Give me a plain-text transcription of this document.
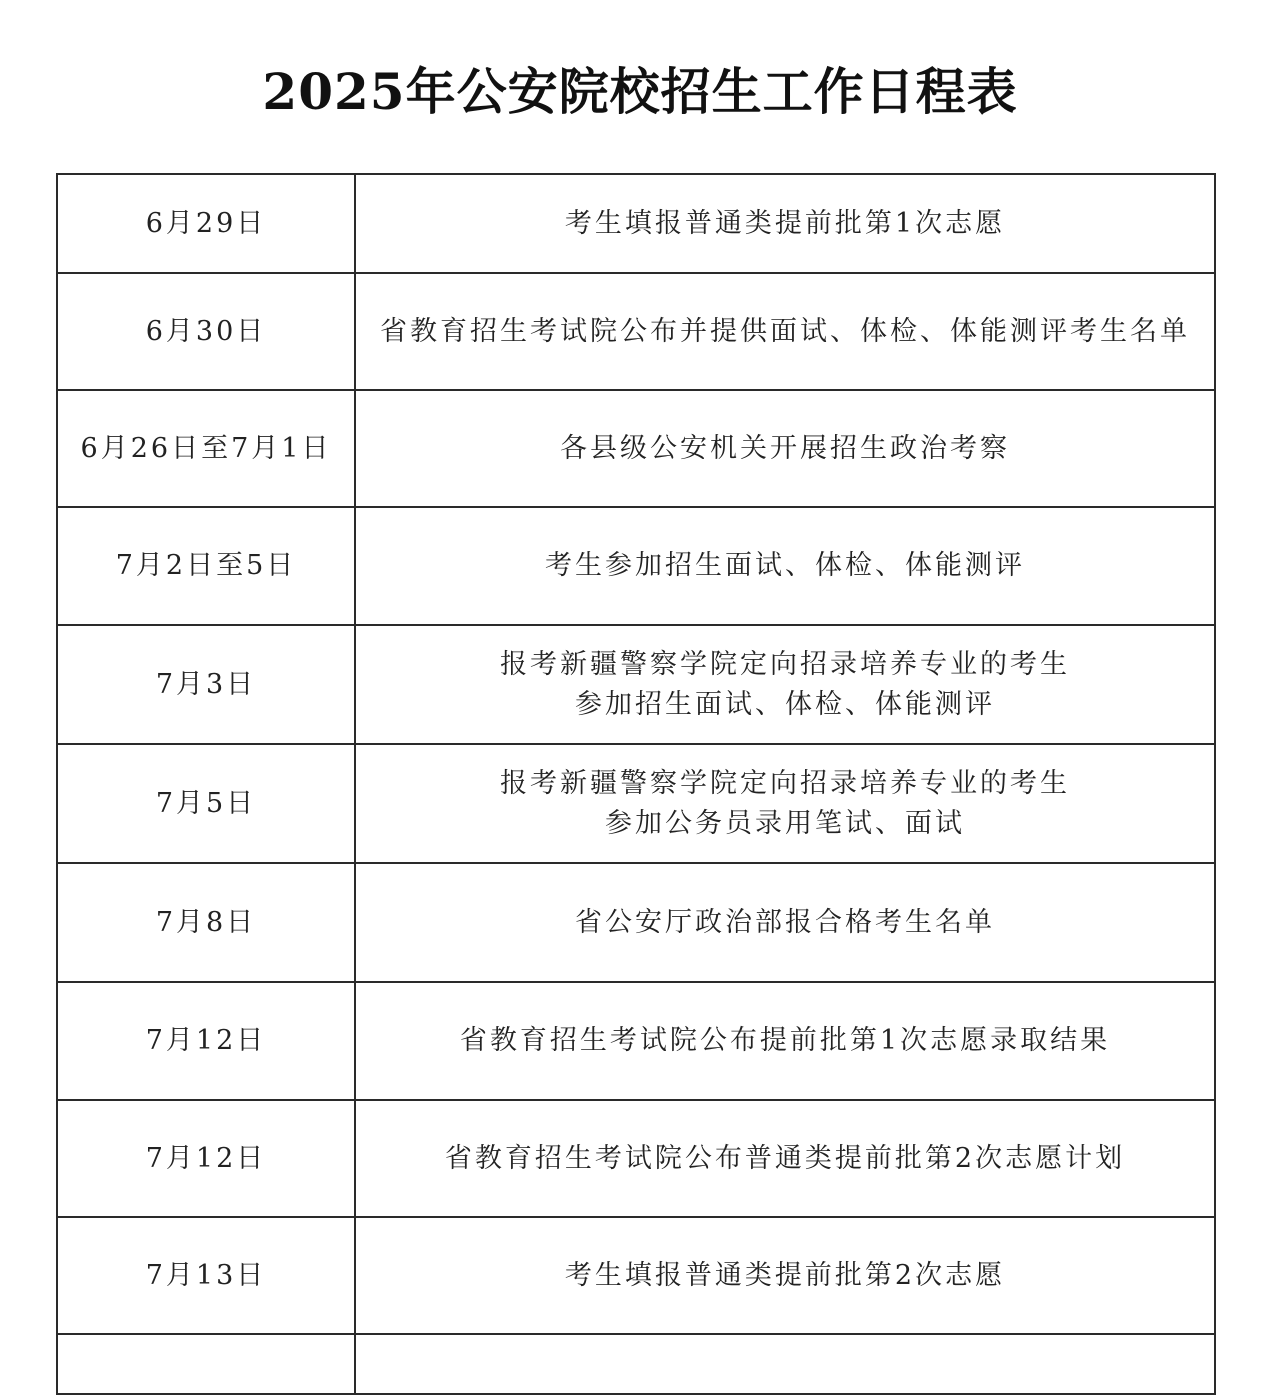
2025年公安院校招生工作日程表
6月29日	考生填报普通类提前批第1次志愿

6月30日	省教育招生考试院公布并提供面试、体检、体能测评考生名单

6月26日至7月1日	各县级公安机关开展招生政治考察

7月2日至5日	考生参加招生面试、体检、体能测评

7月3日	报考新疆警察学院定向招录培养专业的考生
参加招生面试、体检、体能测评

7月5日	报考新疆警察学院定向招录培养专业的考生
参加公务员录用笔试、面试

7月8日	省公安厅政治部报合格考生名单

7月12日	省教育招生考试院公布提前批第1次志愿录取结果

7月12日	省教育招生考试院公布普通类提前批第2次志愿计划

7月13日	考生填报普通类提前批第2次志愿
